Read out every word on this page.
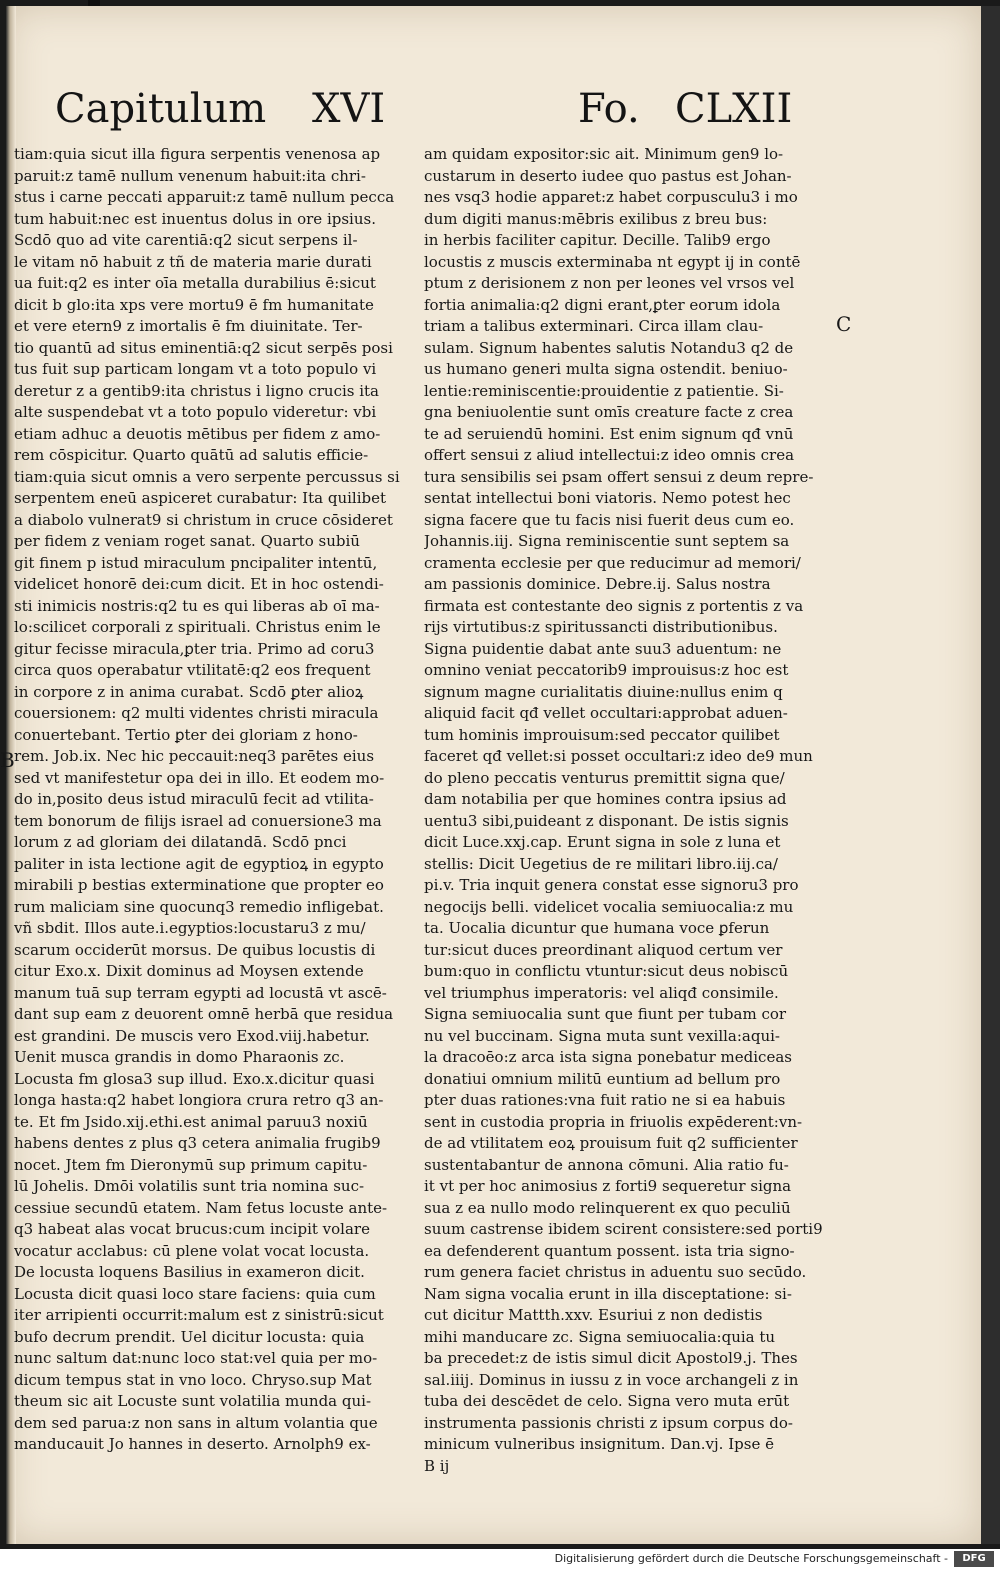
Capitulum XVI	Fo. CLXII
C
B
tiam:quia sicut illa figura serpentis venenosa ap
paruit:z tamē nullum venenum habuit:ita chri-
stus i carne peccati apparuit:z tamē nullum pecca
tum habuit:nec est inuentus dolus in ore ipsius.
Scdō quo ad vite carentiā:q2 sicut serpens il-
le vitam nō habuit z tñ de materia marie durati
ua fuit:q2 es inter oīa metalla durabilius ē:sicut
dicit b glo:ita xps vere mortu9 ē fm humanitate
et vere etern9 z imortalis ē fm diuinitate. Ter-
tio quantū ad situs eminentiā:q2 sicut serpēs posi
tus fuit sup particam longam vt a toto populo vi
deretur z a gentib9:ita christus i ligno crucis ita
alte suspendebat vt a toto populo videretur: vbi
etiam adhuc a deuotis mētibus per fidem z amo-
rem cōspicitur. Quarto quātū ad salutis efficie-
tiam:quia sicut omnis a vero serpente percussus si
serpentem eneū aspiceret curabatur: Ita quilibet
a diabolo vulnerat9 si christum in cruce cōsideret
per fidem z veniam roget sanat. Quarto subiū
git finem p istud miraculum pncipaliter intentū,
videlicet honorē dei:cum dicit. Et in hoc ostendi-
sti inimicis nostris:q2 tu es qui liberas ab oī ma-
lo:scilicet corporali z spirituali. Christus enim le
gitur fecisse miracula,ꝑter tria. Primo ad coru3
circa quos operabatur vtilitatē:q2 eos frequent
in corpore z in anima curabat. Scdō ꝑter alioꝝ
couersionem: q2 multi videntes christi miracula
conuertebant. Tertio ꝑter dei gloriam z hono-
rem. Job.ix. Nec hic peccauit:neq3 parētes eius
sed vt manifestetur opa dei in illo. Et eodem mo-
do in,posito deus istud miraculū fecit ad vtilita-
tem bonorum de filijs israel ad conuersione3 ma
lorum z ad gloriam dei dilatandā. Scdō pnci
paliter in ista lectione agit de egyptioꝝ in egypto
mirabili p bestias exterminatione que propter eo
rum maliciam sine quocunq3 remedio infligebat.
vñ sbdit. Illos aute.i.egyptios:locustaru3 z mu/
scarum occiderūt morsus. De quibus locustis di
citur Exo.x. Dixit dominus ad Moysen extende
manum tuā sup terram egypti ad locustā vt ascē-
dant sup eam z deuorent omnē herbā que residua
est grandini. De muscis vero Exod.viij.habetur.
Uenit musca grandis in domo Pharaonis zc.
Locusta fm glosa3 sup illud. Exo.x.dicitur quasi
longa hasta:q2 habet longiora crura retro q3 an-
te. Et fm Jsido.xij.ethi.est animal paruu3 noxiū
habens dentes z plus q3 cetera animalia frugib9
nocet. Jtem fm Dieronymū sup primum capitu-
lū Johelis. Dmōi volatilis sunt tria nomina suc-
cessiue secundū etatem. Nam fetus locuste ante-
q3 habeat alas vocat brucus:cum incipit volare
vocatur acclabus: cū plene volat vocat locusta.
De locusta loquens Basilius in exameron dicit.
Locusta dicit quasi loco stare faciens: quia cum
iter arripienti occurrit:malum est z sinistrū:sicut
bufo decrum prendit. Uel dicitur locusta: quia
nunc saltum dat:nunc loco stat:vel quia per mo-
dicum tempus stat in vno loco. Chryso.sup Mat
theum sic ait Locuste sunt volatilia munda qui-
dem sed parua:z non sans in altum volantia que
manducauit Jo hannes in deserto. Arnolph9 ex-
am quidam expositor:sic ait. Minimum gen9 lo-
custarum in deserto iudee quo pastus est Johan-
nes vsq3 hodie apparet:z habet corpusculu3 i mo
dum digiti manus:mēbris exilibus z breu bus:
in herbis faciliter capitur. Decille. Talib9 ergo
locustis z muscis exterminaba nt egypt ij in contē
ptum z derisionem z non per leones vel vrsos vel
fortia animalia:q2 digni erant,ꝑter eorum idola
triam a talibus exterminari. Circa illam clau-
sulam. Signum habentes salutis Notandu3 q2 de
us humano generi multa signa ostendit. beniuo-
lentie:reminiscentie:prouidentie z patientie. Si-
gna beniuolentie sunt omīs creature facte z crea
te ad seruiendū homini. Est enim signum qđ vnū
offert sensui z aliud intellectui:z ideo omnis crea
tura sensibilis sei psam offert sensui z deum repre-
sentat intellectui boni viatoris. Nemo potest hec
signa facere que tu facis nisi fuerit deus cum eo.
Johannis.iij. Signa reminiscentie sunt septem sa
cramenta ecclesie per que reducimur ad memori/
am passionis dominice. Debre.ij. Salus nostra
firmata est contestante deo signis z portentis z va
rijs virtutibus:z spiritussancti distributionibus.
Signa puidentie dabat ante suu3 aduentum: ne
omnino veniat peccatorib9 improuisus:z hoc est
signum magne curialitatis diuine:nullus enim q
aliquid facit qđ vellet occultari:approbat aduen-
tum hominis improuisum:sed peccator quilibet
faceret qđ vellet:si posset occultari:z ideo de9 mun
do pleno peccatis venturus premittit signa que/
dam notabilia per que homines contra ipsius ad
uentu3 sibi,puideant z disponant. De istis signis
dicit Luce.xxj.cap. Erunt signa in sole z luna et
stellis: Dicit Uegetius de re militari libro.iij.ca/
pi.v. Tria inquit genera constat esse signoru3 pro
negocijs belli. videlicet vocalia semiuocalia:z mu
ta. Uocalia dicuntur que humana voce ꝑferun
tur:sicut duces preordinant aliquod certum ver
bum:quo in conflictu vtuntur:sicut deus nobiscū
vel triumphus imperatoris: vel aliqđ consimile.
Signa semiuocalia sunt que fiunt per tubam cor
nu vel buccinam. Signa muta sunt vexilla:aqui-
la dracoēo:z arca ista signa ponebatur mediceas
donatiui omnium militū euntium ad bellum pro
pter duas rationes:vna fuit ratio ne si ea habuis
sent in custodia propria in friuolis expēderent:vn-
de ad vtilitatem eoꝝ prouisum fuit q2 sufficienter
sustentabantur de annona cōmuni. Alia ratio fu-
it vt per hoc animosius z forti9 sequeretur signa
sua z ea nullo modo relinquerent ex quo peculiū
suum castrense ibidem scirent consistere:sed porti9
ea defenderent quantum possent. ista tria signo-
rum genera faciet christus in aduentu suo secūdo.
Nam signa vocalia erunt in illa disceptatione: si-
cut dicitur Mattth.xxv. Esuriui z non dedistis
mihi manducare zc. Signa semiuocalia:quia tu
ba precedet:z de istis simul dicit Apostol9.j. Thes
sal.iiij. Dominus in iussu z in voce archangeli z in
tuba dei descēdet de celo. Signa vero muta erūt
instrumenta passionis christi z ipsum corpus do-
minicum vulneribus insignitum. Dan.vj. Ipse ē
B ij
Digitalisierung gefördert durch die Deutsche Forschungsgemeinschaft -	DFG
